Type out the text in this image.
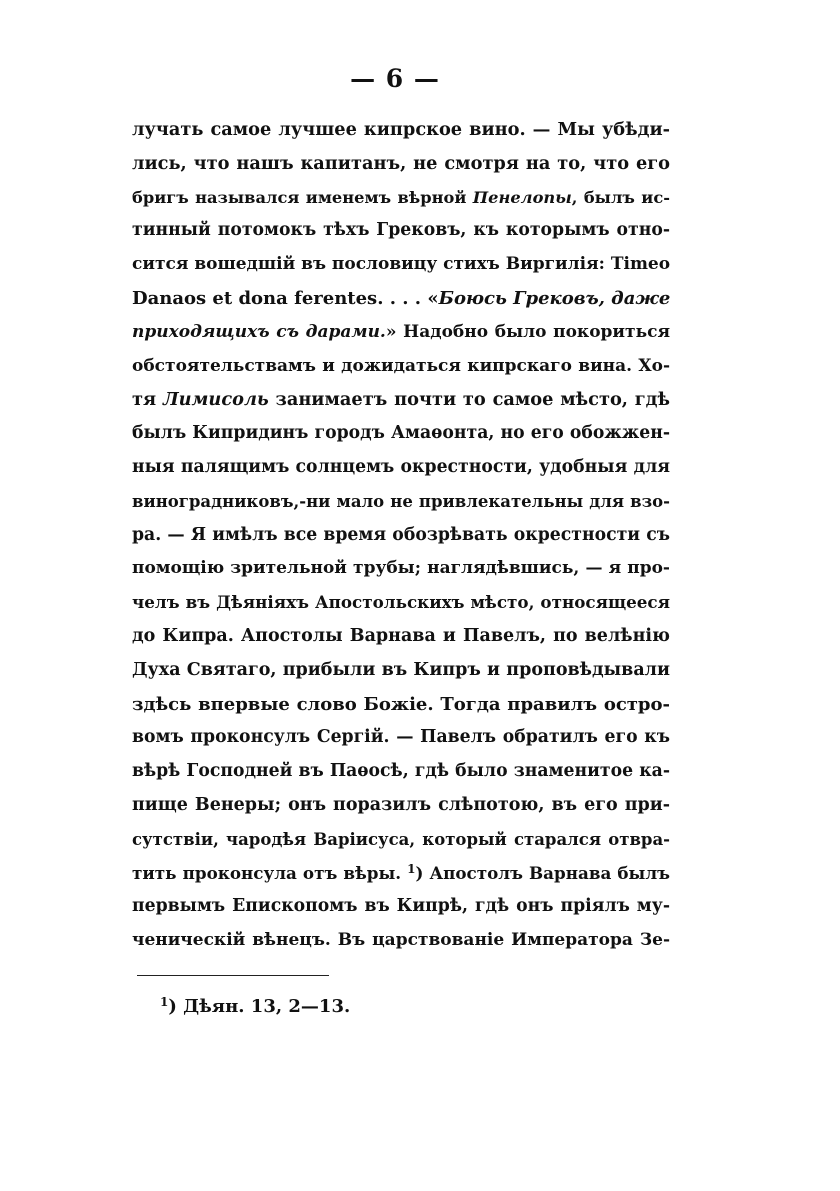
— 6 —
лучать самое лучшее кипрское вино. — Мы убѣди-
лись, что нашъ капитанъ, не смотря на то, что его
бригъ назывался именемъ вѣрной Пенелопы, былъ ис-
тинный потомокъ тѣхъ Грековъ, къ которымъ отно-
сится вошедшій въ пословицу стихъ Виргилія: Timeo
Danaos et dona ferentes. . . . «Боюсь Грековъ, даже
приходящихъ съ дарами.» Надобно было покориться
обстоятельствамъ и дожидаться кипрскаго вина. Хо-
тя Лимисоль занимаетъ почти то самое мѣсто, гдѣ
былъ Кипридинъ городъ Амаѳонта, но его обожжен-
ныя палящимъ солнцемъ окрестности, удобныя для
виноградниковъ,-ни мало не привлекательны для взо-
ра. — Я имѣлъ все время обозрѣвать окрестности съ
помощію зрительной трубы; наглядѣвшись, — я про-
челъ въ Дѣяніяхъ Апостольскихъ мѣсто, относящееся
до Кипра. Апостолы Варнава и Павелъ, по велѣнію
Духа Святаго, прибыли въ Кипръ и проповѣдывали
здѣсь впервые слово Божіе. Тогда правилъ остро-
вомъ проконсулъ Сергій. — Павелъ обратилъ его къ
вѣрѣ Господней въ Паѳосѣ, гдѣ было знаменитое ка-
пище Венеры; онъ поразилъ слѣпотою, въ его при-
сутствіи, чародѣя Варіисуса, который старался отвра-
тить проконсула отъ вѣры. $^1$) Апостолъ Варнава былъ
первымъ Епископомъ въ Кипрѣ, гдѣ онъ пріялъ му-
ченическій вѣнецъ. Въ царствованіе Императора Зе-
$^1$) Дѣян. 13, 2—13.
